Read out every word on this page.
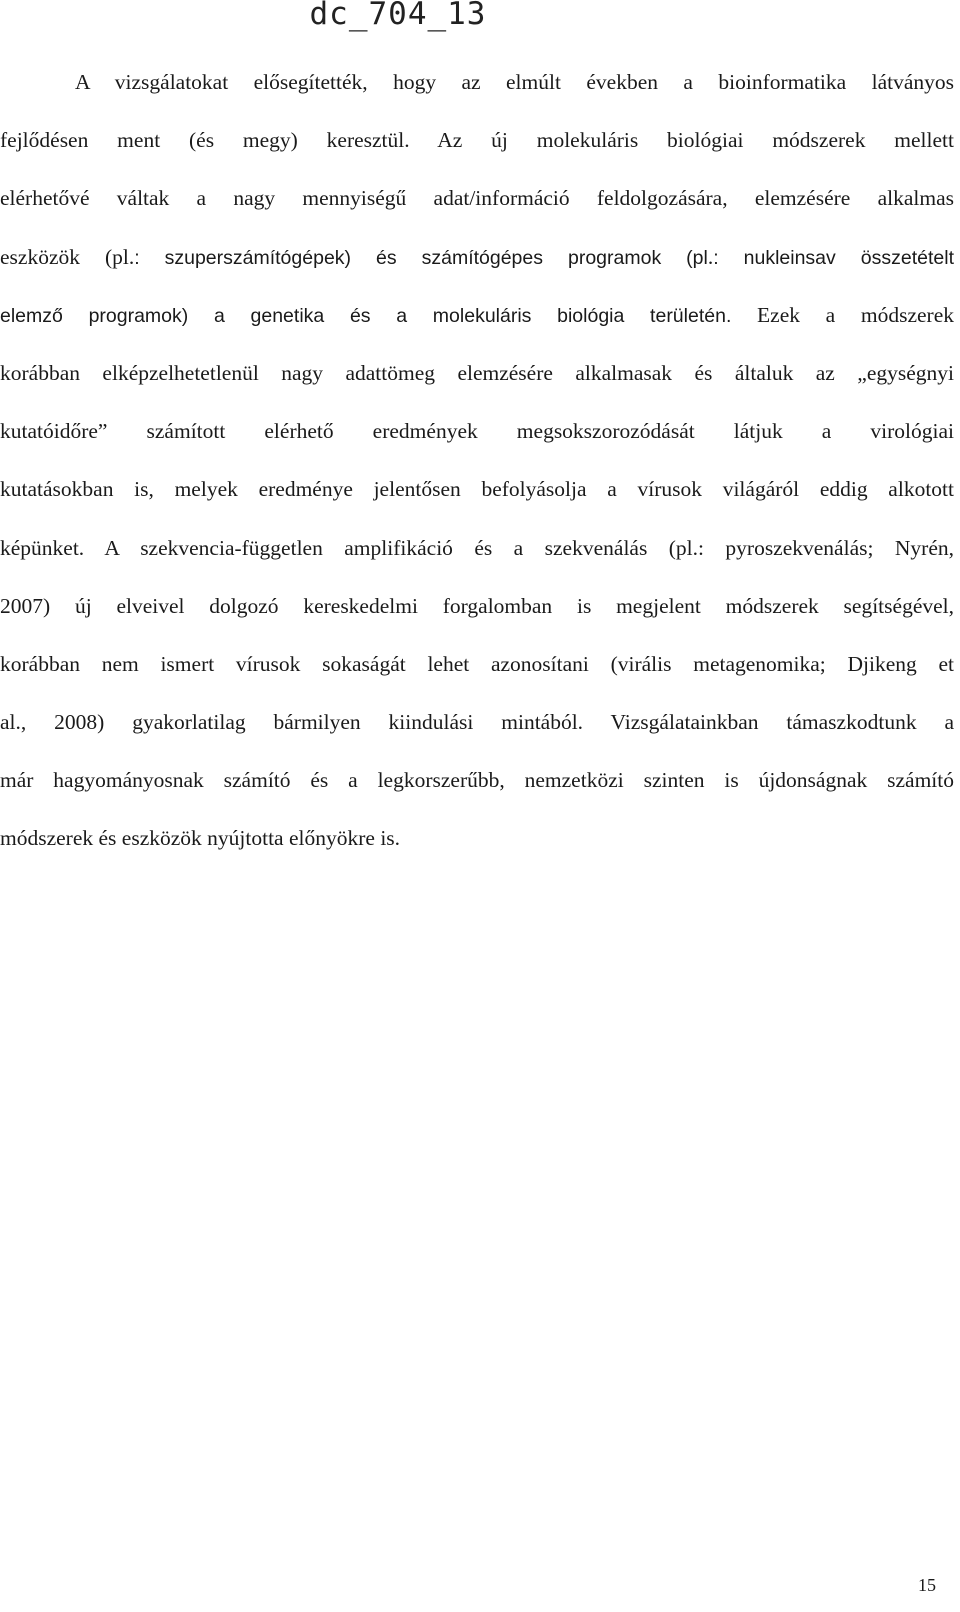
dc_704_13
A vizsgálatokat elősegítették, hogy az elmúlt években a bioinformatika látványos
fejlődésen ment (és megy) keresztül. Az új molekuláris biológiai módszerek mellett
elérhetővé váltak a nagy mennyiségű adat/információ feldolgozására, elemzésére alkalmas
eszközök (pl.: szuperszámítógépek) és számítógépes programok (pl.: nukleinsav összetételt
elemző programok) a genetika és a molekuláris biológia területén. Ezek a módszerek
korábban elképzelhetetlenül nagy adattömeg elemzésére alkalmasak és általuk az „egységnyi
kutatóidőre” számított elérhető eredmények megsokszorozódását látjuk a virológiai
kutatásokban is, melyek eredménye jelentősen befolyásolja a vírusok világáról eddig alkotott
képünket. A szekvencia-független amplifikáció és a szekvenálás (pl.: pyroszekvenálás; Nyrén,
2007) új elveivel dolgozó kereskedelmi forgalomban is megjelent módszerek segítségével,
korábban nem ismert vírusok sokaságát lehet azonosítani (virális metagenomika; Djikeng et
al., 2008) gyakorlatilag bármilyen kiindulási mintából. Vizsgálatainkban támaszkodtunk a
már hagyományosnak számító és a legkorszerűbb, nemzetközi szinten is újdonságnak számító
módszerek és eszközök nyújtotta előnyökre is.
15
